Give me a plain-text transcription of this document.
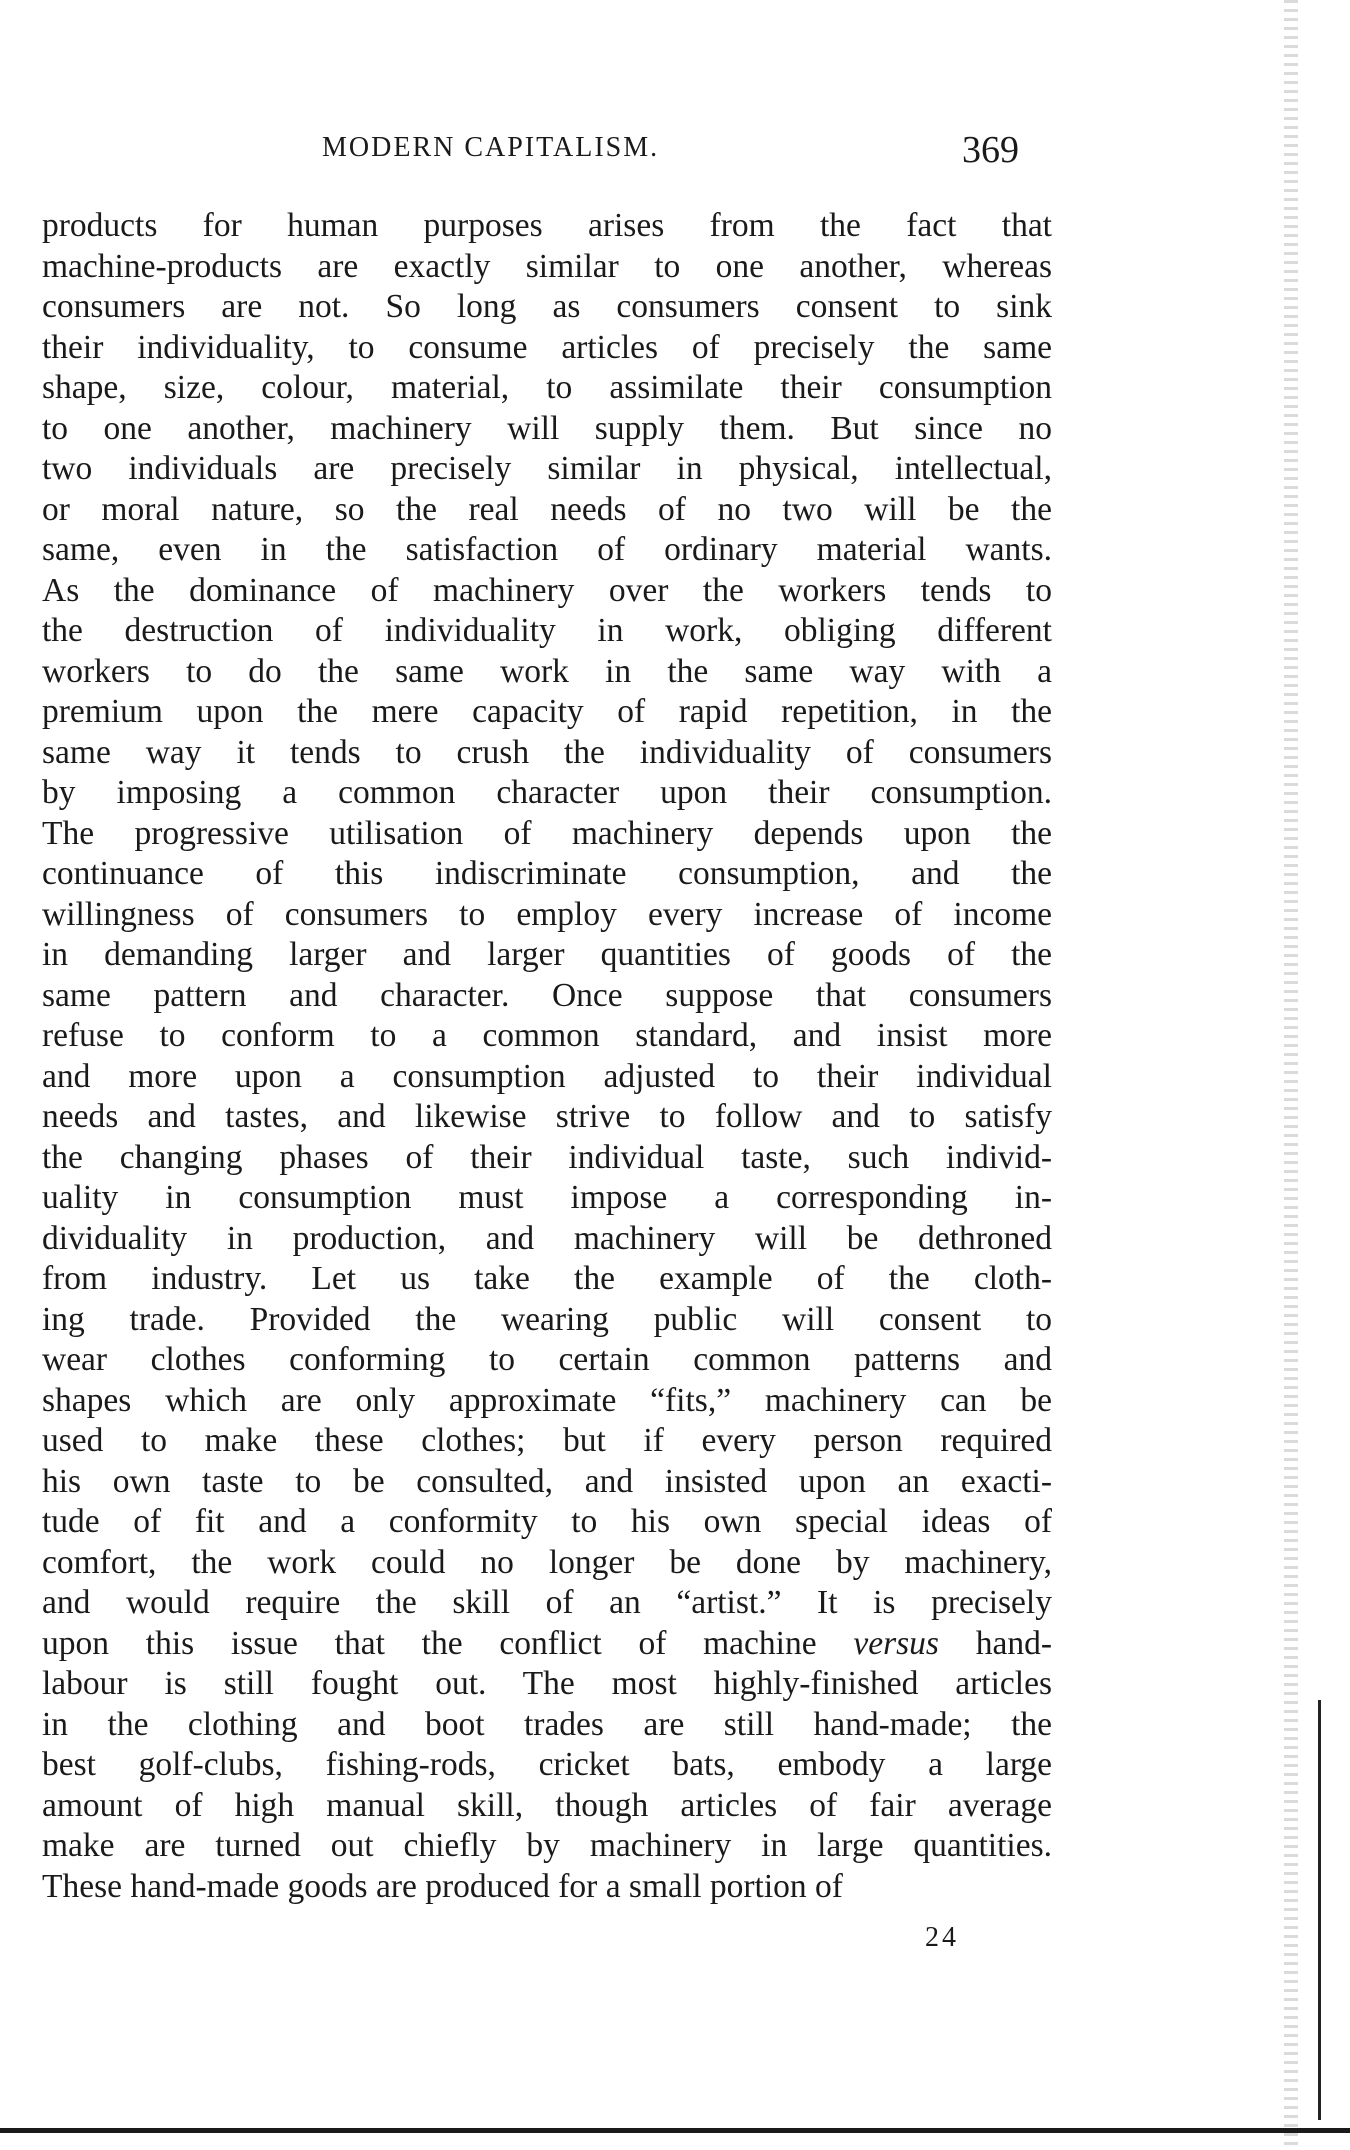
MODERN CAPITALISM.	369
products for human purposes arises from the fact that
machine-products are exactly similar to one another, whereas
consumers are not. So long as consumers consent to sink
their individuality, to consume articles of precisely the same
shape, size, colour, material, to assimilate their consumption
to one another, machinery will supply them. But since no
two individuals are precisely similar in physical, intellectual,
or moral nature, so the real needs of no two will be the
same, even in the satisfaction of ordinary material wants.
As the dominance of machinery over the workers tends to
the destruction of individuality in work, obliging different
workers to do the same work in the same way with a
premium upon the mere capacity of rapid repetition, in the
same way it tends to crush the individuality of consumers
by imposing a common character upon their consumption.
The progressive utilisation of machinery depends upon the
continuance of this indiscriminate consumption, and the
willingness of consumers to employ every increase of income
in demanding larger and larger quantities of goods of the
same pattern and character. Once suppose that consumers
refuse to conform to a common standard, and insist more
and more upon a consumption adjusted to their individual
needs and tastes, and likewise strive to follow and to satisfy
the changing phases of their individual taste, such individ-
uality in consumption must impose a corresponding in-
dividuality in production, and machinery will be dethroned
from industry. Let us take the example of the cloth-
ing trade. Provided the wearing public will consent to
wear clothes conforming to certain common patterns and
shapes which are only approximate “fits,” machinery can be
used to make these clothes; but if every person required
his own taste to be consulted, and insisted upon an exacti-
tude of fit and a conformity to his own special ideas of
comfort, the work could no longer be done by machinery,
and would require the skill of an “artist.” It is precisely
upon this issue that the conflict of machine versus hand-
labour is still fought out. The most highly-finished articles
in the clothing and boot trades are still hand-made; the
best golf-clubs, fishing-rods, cricket bats, embody a large
amount of high manual skill, though articles of fair average
make are turned out chiefly by machinery in large quantities.
These hand-made goods are produced for a small portion of
24
